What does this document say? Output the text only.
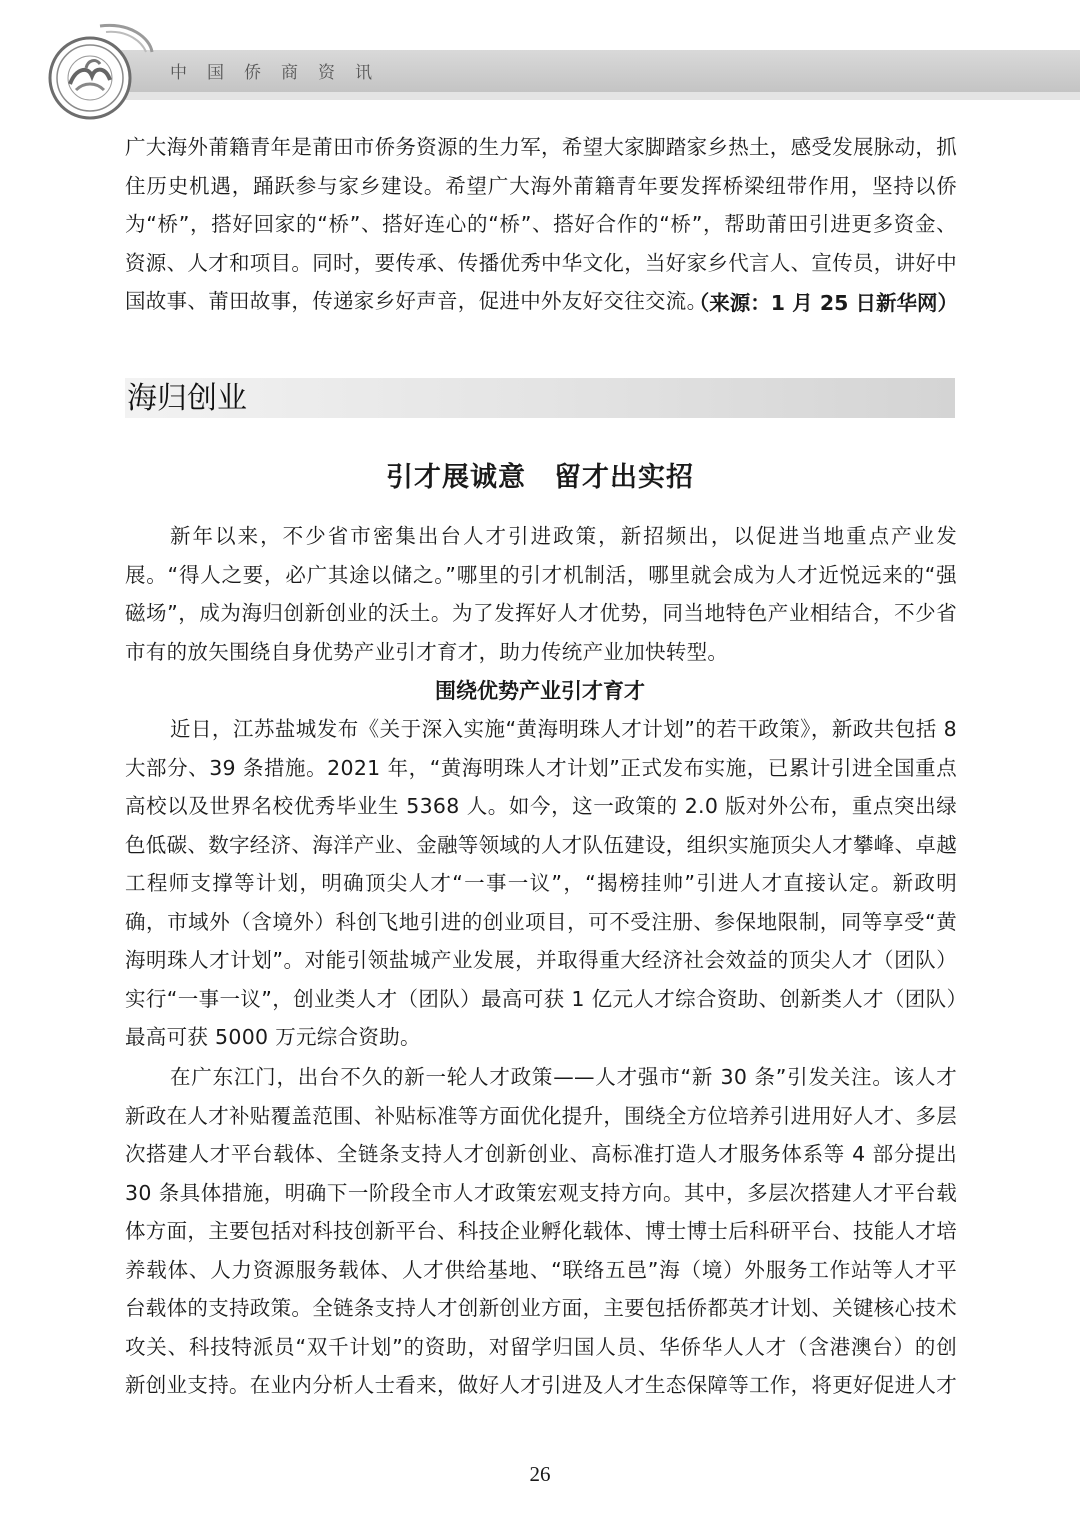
中国侨商资讯
广大海外莆籍青年是莆田市侨务资源的生力军，希望大家脚踏家乡热土，感受发展脉动，抓住历史机遇，踊跃参与家乡建设。希望广大海外莆籍青年要发挥桥梁纽带作用，坚持以侨为“桥”，搭好回家的“桥”、搭好连心的“桥”、搭好合作的“桥”，帮助莆田引进更多资金、资源、人才和项目。同时，要传承、传播优秀中华文化，当好家乡代言人、宣传员，讲好中国故事、莆田故事，传递家乡好声音，促进中外友好交往交流。
（来源：1 月 25 日新华网）
海归创业
引才展诚意　留才出实招
新年以来，不少省市密集出台人才引进政策，新招频出，以促进当地重点产业发展。“得人之要，必广其途以储之。”哪里的引才机制活，哪里就会成为人才近悦远来的“强磁场”，成为海归创新创业的沃土。为了发挥好人才优势，同当地特色产业相结合，不少省市有的放矢围绕自身优势产业引才育才，助力传统产业加快转型。
围绕优势产业引才育才
近日，江苏盐城发布《关于深入实施“黄海明珠人才计划”的若干政策》，新政共包括 8 大部分、39 条措施。2021 年，“黄海明珠人才计划”正式发布实施，已累计引进全国重点高校以及世界名校优秀毕业生 5368 人。如今，这一政策的 2.0 版对外公布，重点突出绿色低碳、数字经济、海洋产业、金融等领域的人才队伍建设，组织实施顶尖人才攀峰、卓越工程师支撑等计划，明确顶尖人才“一事一议”，“揭榜挂帅”引进人才直接认定。新政明确，市域外（含境外）科创飞地引进的创业项目，可不受注册、参保地限制，同等享受“黄海明珠人才计划”。对能引领盐城产业发展，并取得重大经济社会效益的顶尖人才（团队）实行“一事一议”，创业类人才（团队）最高可获 1 亿元人才综合资助、创新类人才（团队）最高可获 5000 万元综合资助。
在广东江门，出台不久的新一轮人才政策——人才强市“新 30 条”引发关注。该人才新政在人才补贴覆盖范围、补贴标准等方面优化提升，围绕全方位培养引进用好人才、多层次搭建人才平台载体、全链条支持人才创新创业、高标准打造人才服务体系等 4 部分提出 30 条具体措施，明确下一阶段全市人才政策宏观支持方向。其中，多层次搭建人才平台载体方面，主要包括对科技创新平台、科技企业孵化载体、博士博士后科研平台、技能人才培养载体、人力资源服务载体、人才供给基地、“联络五邑”海（境）外服务工作站等人才平台载体的支持政策。全链条支持人才创新创业方面，主要包括侨都英才计划、关键核心技术攻关、科技特派员“双千计划”的资助，对留学归国人员、华侨华人人才（含港澳台）的创新创业支持。在业内分析人士看来，做好人才引进及人才生态保障等工作，将更好促进人才
26
